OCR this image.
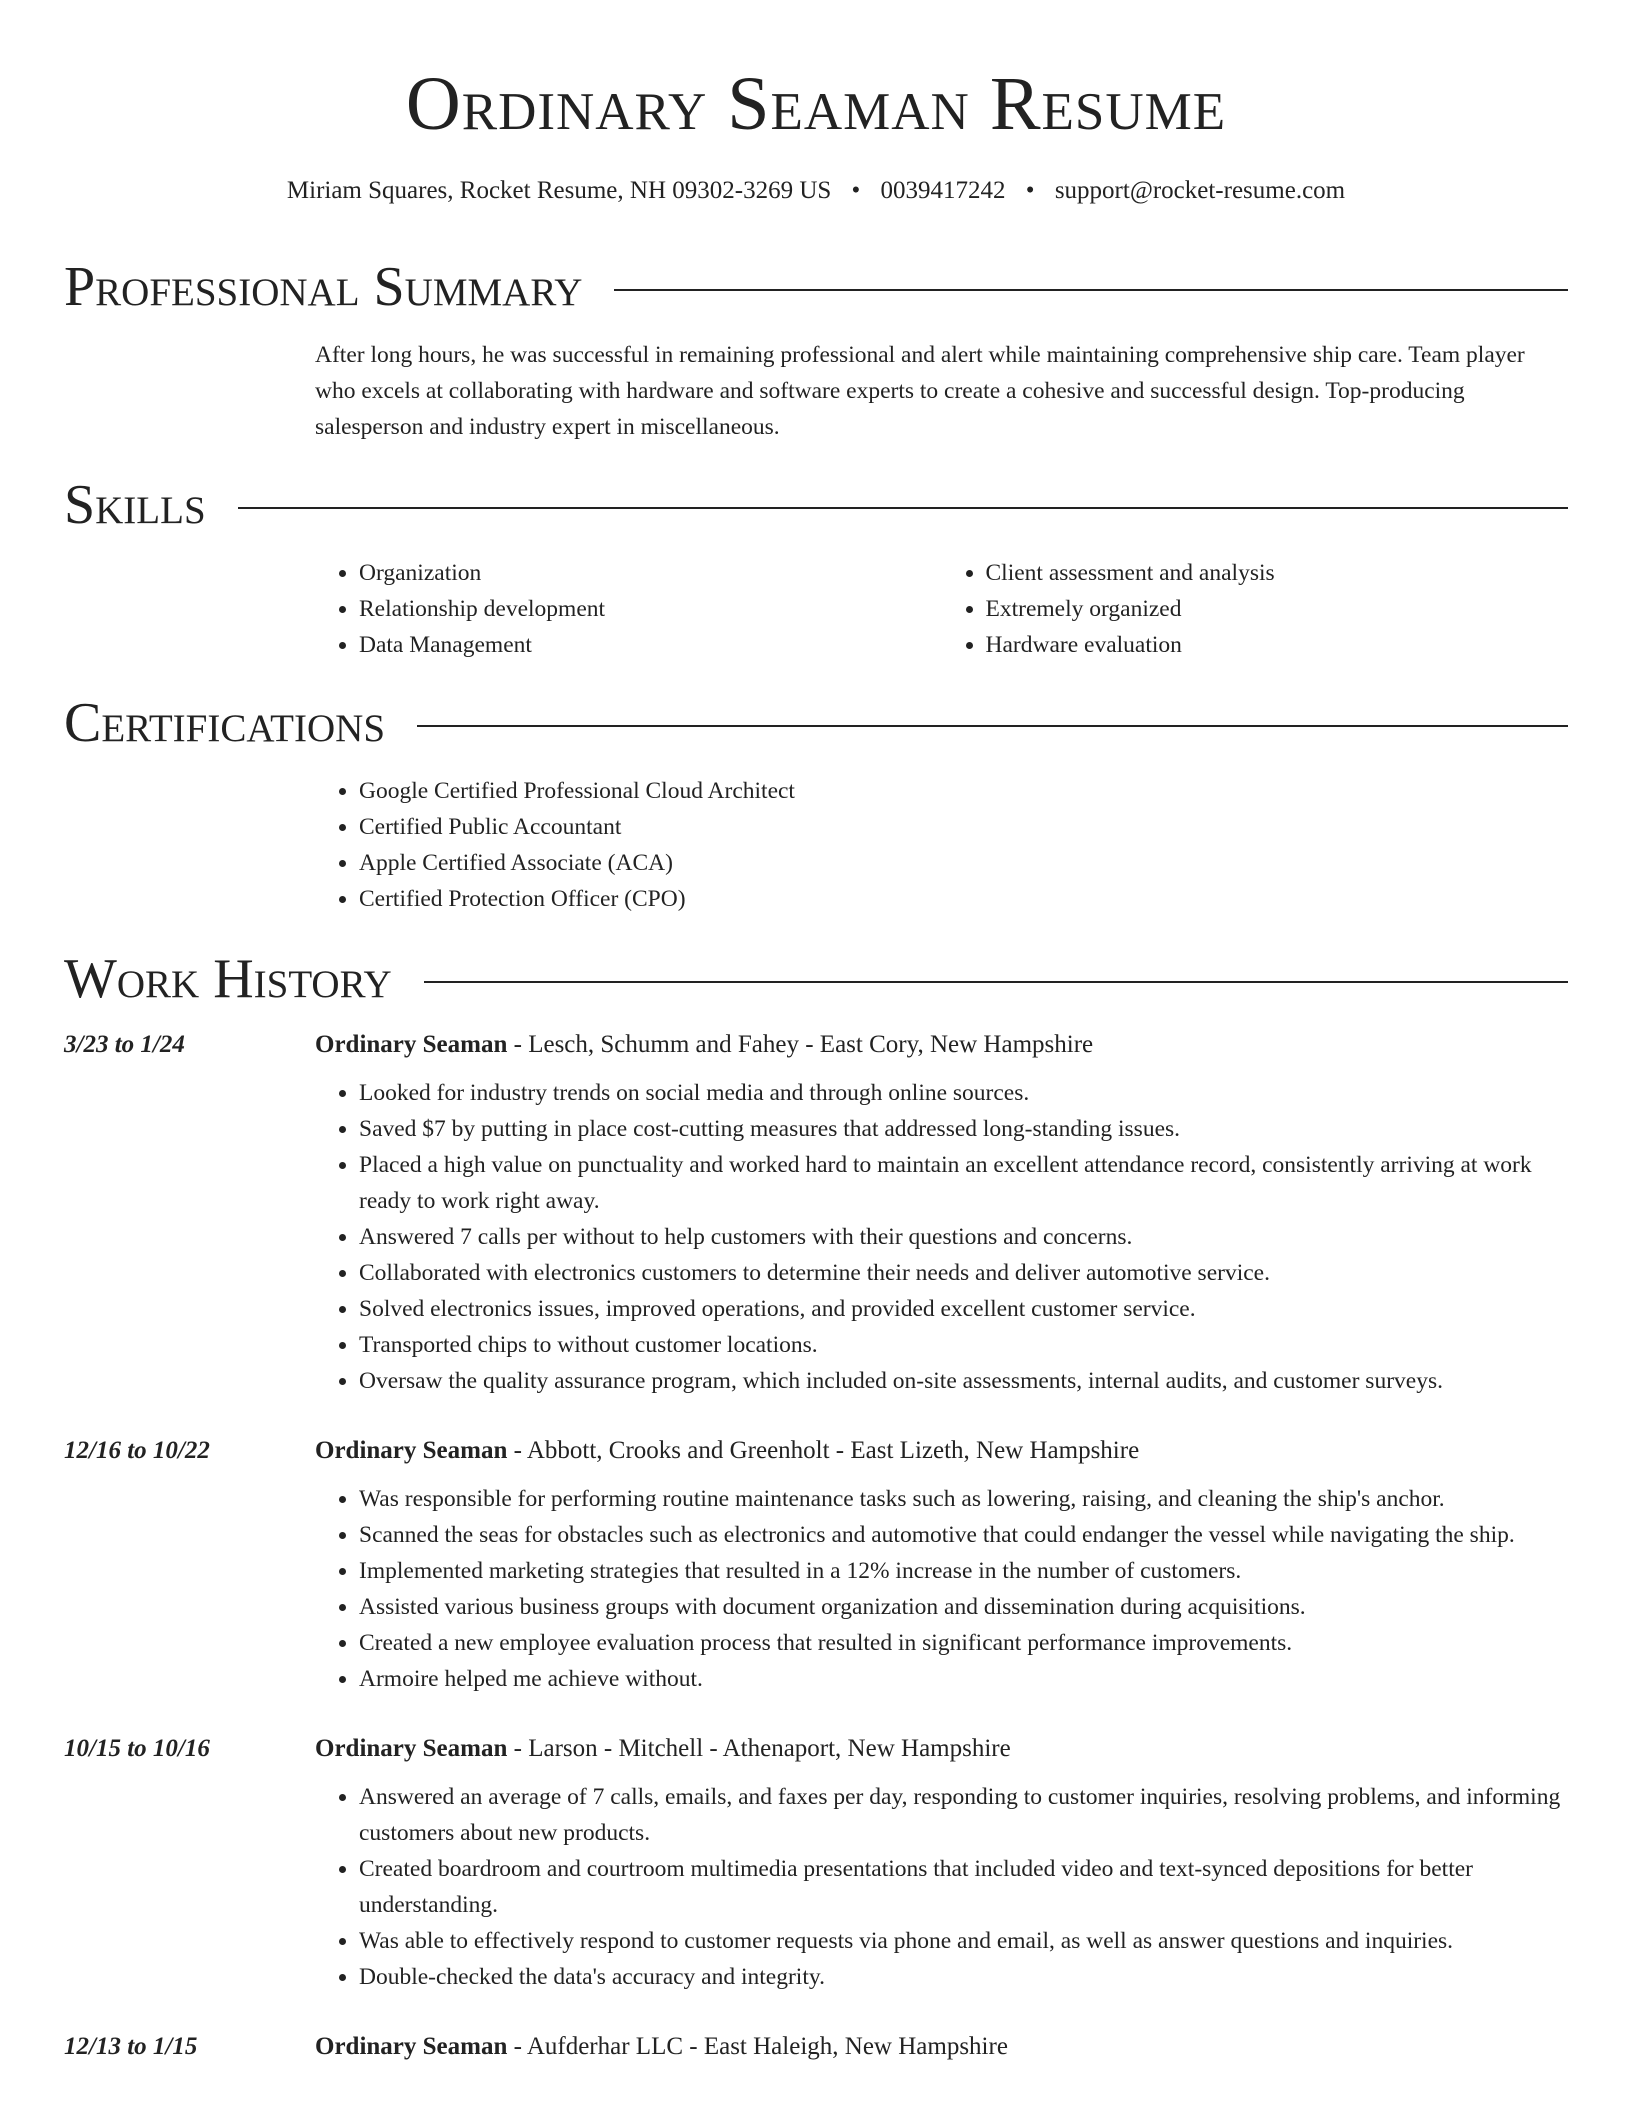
Ordinary Seaman Resume
Miriam Squares, Rocket Resume, NH 09302-3269 US • 0039417242 • support@rocket-resume.com
Professional Summary
After long hours, he was successful in remaining professional and alert while maintaining comprehensive ship care. Team player who excels at collaborating with hardware and software experts to create a cohesive and successful design. Top-producing salesperson and industry expert in miscellaneous.
Skills
• Organization
• Relationship development
• Data Management
• Client assessment and analysis
• Extremely organized
• Hardware evaluation
Certifications
• Google Certified Professional Cloud Architect
• Certified Public Accountant
• Apple Certified Associate (ACA)
• Certified Protection Officer (CPO)
Work History
3/23 to 1/24	Ordinary Seaman - Lesch, Schumm and Fahey - East Cory, New Hampshire
• Looked for industry trends on social media and through online sources.
• Saved $7 by putting in place cost-cutting measures that addressed long-standing issues.
• Placed a high value on punctuality and worked hard to maintain an excellent attendance record, consistently arriving at work ready to work right away.
• Answered 7 calls per without to help customers with their questions and concerns.
• Collaborated with electronics customers to determine their needs and deliver automotive service.
• Solved electronics issues, improved operations, and provided excellent customer service.
• Transported chips to without customer locations.
• Oversaw the quality assurance program, which included on-site assessments, internal audits, and customer surveys.
12/16 to 10/22	Ordinary Seaman - Abbott, Crooks and Greenholt - East Lizeth, New Hampshire
• Was responsible for performing routine maintenance tasks such as lowering, raising, and cleaning the ship's anchor.
• Scanned the seas for obstacles such as electronics and automotive that could endanger the vessel while navigating the ship.
• Implemented marketing strategies that resulted in a 12% increase in the number of customers.
• Assisted various business groups with document organization and dissemination during acquisitions.
• Created a new employee evaluation process that resulted in significant performance improvements.
• Armoire helped me achieve without.
10/15 to 10/16	Ordinary Seaman - Larson - Mitchell - Athenaport, New Hampshire
• Answered an average of 7 calls, emails, and faxes per day, responding to customer inquiries, resolving problems, and informing customers about new products.
• Created boardroom and courtroom multimedia presentations that included video and text-synced depositions for better understanding.
• Was able to effectively respond to customer requests via phone and email, as well as answer questions and inquiries.
• Double-checked the data's accuracy and integrity.
12/13 to 1/15	Ordinary Seaman - Aufderhar LLC - East Haleigh, New Hampshire
